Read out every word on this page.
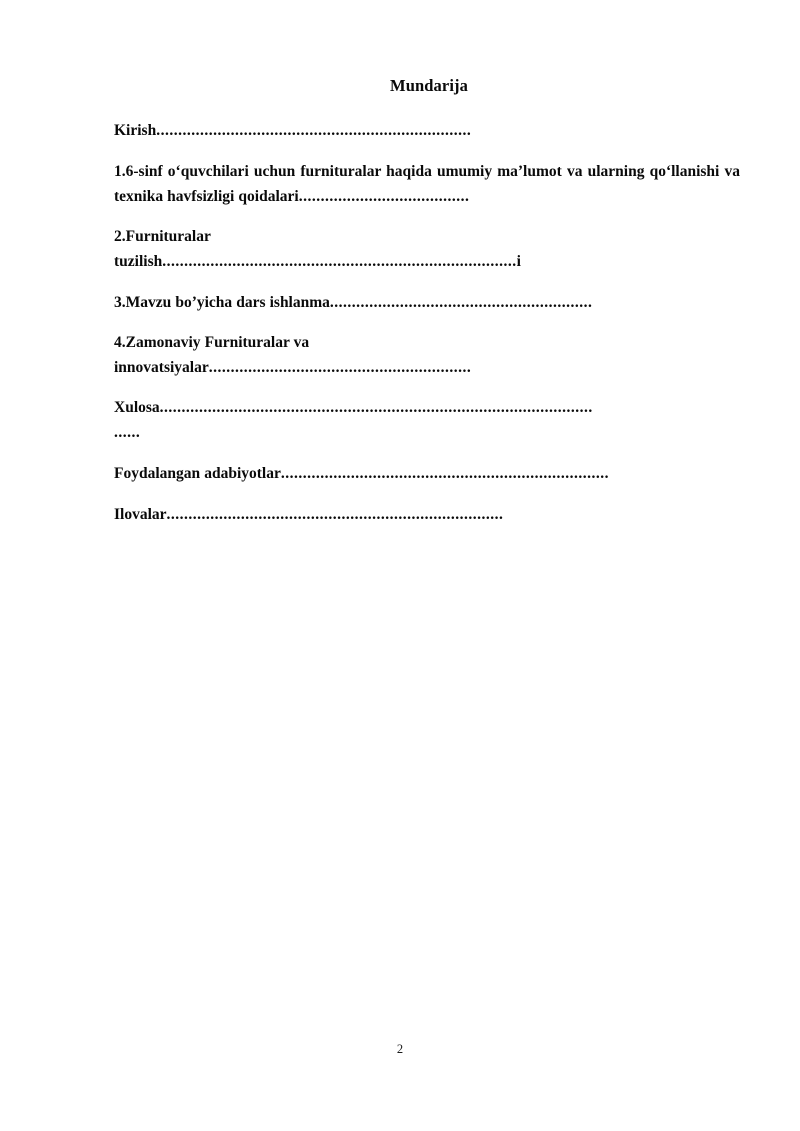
Mundarija

Kirish........................................................................

1.6-sinf oʻquvchilari uchun furnituralar haqida umumiy ma’lumot va ularning qoʻllanishi va texnika havfsizligi qoidalari.......................................

2.Furnituralar
tuzilish.................................................................................i

3.Mavzu bo’yicha dars ishlanma............................................................

4.Zamonaviy Furnituralar va
innovatsiyalar............................................................

Xulosa...................................................................................................
......

Foydalangan adabiyotlar...........................................................................

Ilovalar.............................................................................

2
